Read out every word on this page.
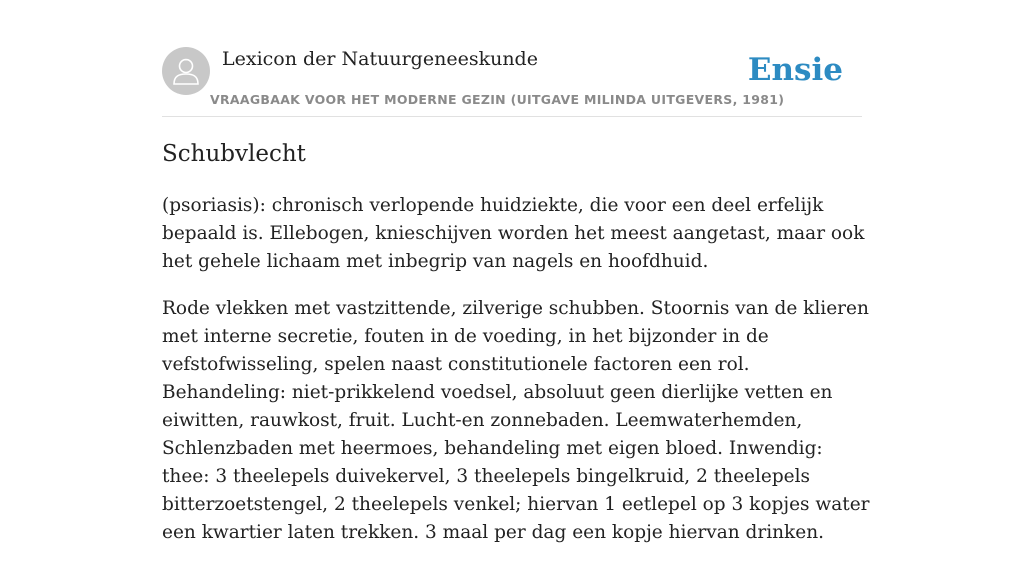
Lexicon der Natuurgeneeskunde
VRAAGBAAK VOOR HET MODERNE GEZIN (UITGAVE MILINDA UITGEVERS, 1981)
Ensie
Schubvlecht

(psoriasis): chronisch verlopende huidziekte, die voor een deel erfelijk bepaald is. Ellebogen, knieschijven worden het meest aangetast, maar ook het gehele lichaam met inbegrip van nagels en hoofdhuid.

Rode vlekken met vastzittende, zilverige schubben. Stoornis van de klieren met interne secretie, fouten in de voeding, in het bijzonder in de vefstofwisseling, spelen naast constitutionele factoren een rol. Behandeling: niet-prikkelend voedsel, absoluut geen dierlijke vetten en eiwitten, rauwkost, fruit. Lucht-en zonnebaden. Leemwaterhemden, Schlenzbaden met heermoes, behandeling met eigen bloed. Inwendig: thee: 3 theelepels duivekervel, 3 theelepels bingelkruid, 2 theelepels bitterzoetstengel, 2 theelepels venkel; hiervan 1 eetlepel op 3 kopjes water een kwartier laten trekken. 3 maal per dag een kopje hiervan drinken.
